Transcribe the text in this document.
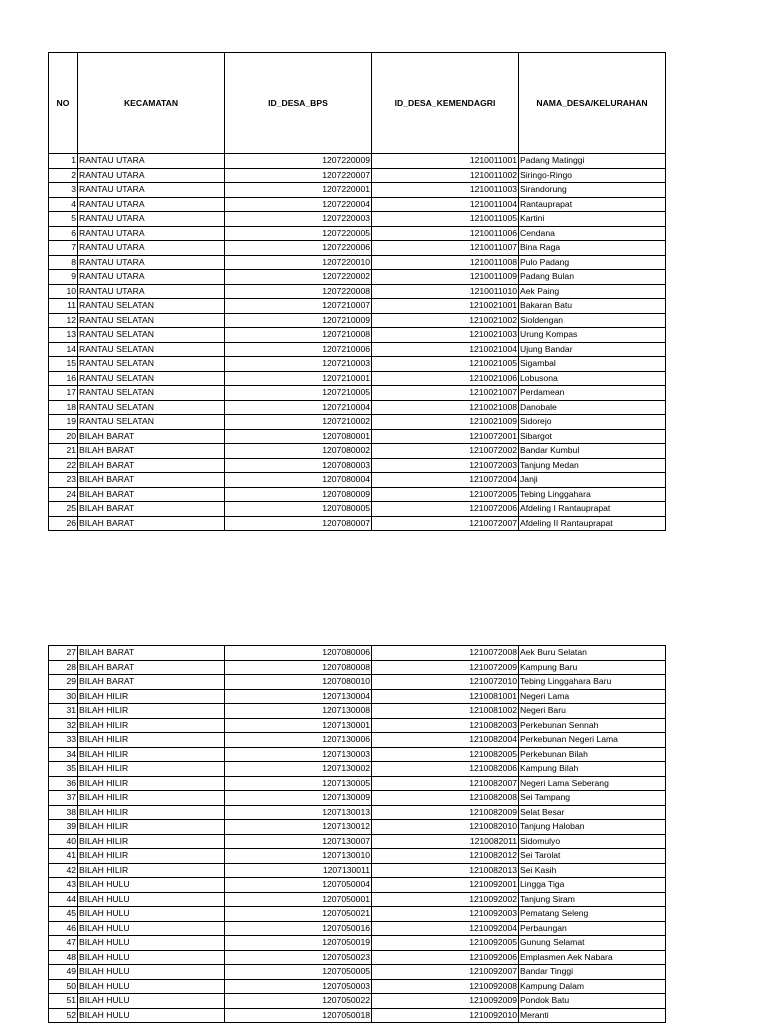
NO	KECAMATAN	ID_DESA_BPS	ID_DESA_KEMENDAGRI	NAMA_DESA/KELURAHAN
1	RANTAU UTARA	1207220009	1210011001	Padang Matinggi
2	RANTAU UTARA	1207220007	1210011002	Siringo-Ringo
3	RANTAU UTARA	1207220001	1210011003	Sirandorung
4	RANTAU UTARA	1207220004	1210011004	Rantauprapat
5	RANTAU UTARA	1207220003	1210011005	Kartini
6	RANTAU UTARA	1207220005	1210011006	Cendana
7	RANTAU UTARA	1207220006	1210011007	Bina Raga
8	RANTAU UTARA	1207220010	1210011008	Pulo Padang
9	RANTAU UTARA	1207220002	1210011009	Padang Bulan
10	RANTAU UTARA	1207220008	1210011010	Aek Paing
11	RANTAU SELATAN	1207210007	1210021001	Bakaran Batu
12	RANTAU SELATAN	1207210009	1210021002	Sioldengan
13	RANTAU SELATAN	1207210008	1210021003	Urung Kompas
14	RANTAU SELATAN	1207210006	1210021004	Ujung Bandar
15	RANTAU SELATAN	1207210003	1210021005	Sigambal
16	RANTAU SELATAN	1207210001	1210021006	Lobusona
17	RANTAU SELATAN	1207210005	1210021007	Perdamean
18	RANTAU SELATAN	1207210004	1210021008	Danobale
19	RANTAU SELATAN	1207210002	1210021009	Sidorejo
20	BILAH BARAT	1207080001	1210072001	Sibargot
21	BILAH BARAT	1207080002	1210072002	Bandar Kumbul
22	BILAH BARAT	1207080003	1210072003	Tanjung Medan
23	BILAH BARAT	1207080004	1210072004	Janji
24	BILAH BARAT	1207080009	1210072005	Tebing Linggahara
25	BILAH BARAT	1207080005	1210072006	Afdeling I Rantauprapat
26	BILAH BARAT	1207080007	1210072007	Afdeling II Rantauprapat
27	BILAH BARAT	1207080006	1210072008	Aek Buru Selatan
28	BILAH BARAT	1207080008	1210072009	Kampung Baru
29	BILAH BARAT	1207080010	1210072010	Tebing Linggahara Baru
30	BILAH HILIR	1207130004	1210081001	Negeri Lama
31	BILAH HILIR	1207130008	1210081002	Negeri Baru
32	BILAH HILIR	1207130001	1210082003	Perkebunan Sennah
33	BILAH HILIR	1207130006	1210082004	Perkebunan Negeri Lama
34	BILAH HILIR	1207130003	1210082005	Perkebunan Bilah
35	BILAH HILIR	1207130002	1210082006	Kampung Bilah
36	BILAH HILIR	1207130005	1210082007	Negeri Lama Seberang
37	BILAH HILIR	1207130009	1210082008	Sei Tampang
38	BILAH HILIR	1207130013	1210082009	Selat Besar
39	BILAH HILIR	1207130012	1210082010	Tanjung Haloban
40	BILAH HILIR	1207130007	1210082011	Sidomulyo
41	BILAH HILIR	1207130010	1210082012	Sei Tarolat
42	BILAH HILIR	1207130011	1210082013	Sei Kasih
43	BILAH HULU	1207050004	1210092001	Lingga Tiga
44	BILAH HULU	1207050001	1210092002	Tanjung Siram
45	BILAH HULU	1207050021	1210092003	Pematang Seleng
46	BILAH HULU	1207050016	1210092004	Perbaungan
47	BILAH HULU	1207050019	1210092005	Gunung Selamat
48	BILAH HULU	1207050023	1210092006	Emplasmen Aek Nabara
49	BILAH HULU	1207050005	1210092007	Bandar Tinggi
50	BILAH HULU	1207050003	1210092008	Kampung Dalam
51	BILAH HULU	1207050022	1210092009	Pondok Batu
52	BILAH HULU	1207050018	1210092010	Meranti
